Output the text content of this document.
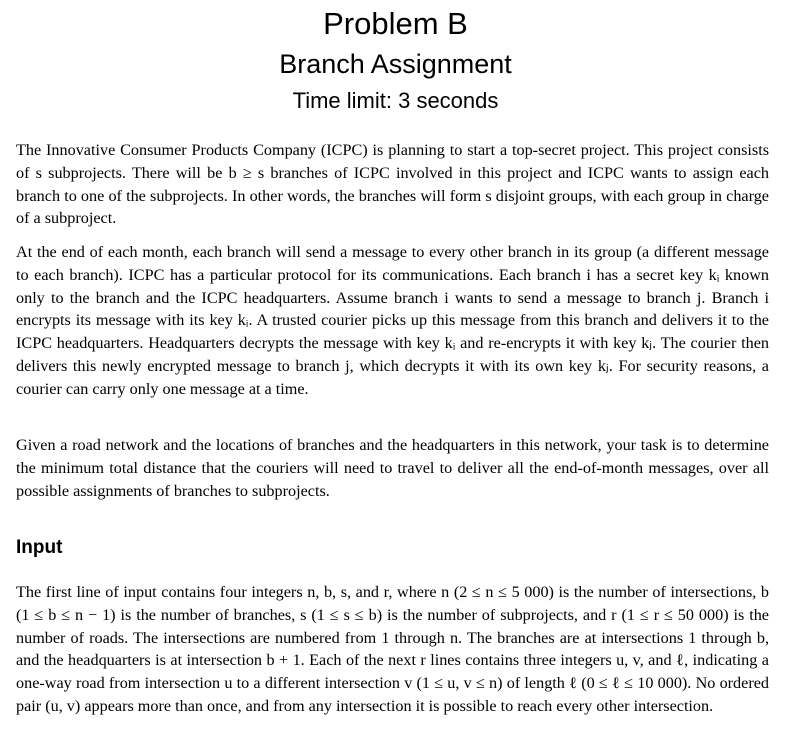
Problem B
Branch Assignment
Time limit: 3 seconds

The Innovative Consumer Products Company (ICPC) is planning to start a top-secret project. This project consists of s subprojects. There will be b ≥ s branches of ICPC involved in this project and ICPC wants to assign each branch to one of the subprojects. In other words, the branches will form s disjoint groups, with each group in charge of a subproject.

At the end of each month, each branch will send a message to every other branch in its group (a different message to each branch). ICPC has a particular protocol for its communications. Each branch i has a secret key kᵢ known only to the branch and the ICPC headquarters. Assume branch i wants to send a message to branch j. Branch i encrypts its message with its key kᵢ. A trusted courier picks up this message from this branch and delivers it to the ICPC headquarters. Headquarters decrypts the message with key kᵢ and re-encrypts it with key kⱼ. The courier then delivers this newly encrypted message to branch j, which decrypts it with its own key kⱼ. For security reasons, a courier can carry only one message at a time.

Given a road network and the locations of branches and the headquarters in this network, your task is to determine the minimum total distance that the couriers will need to travel to deliver all the end-of-month messages, over all possible assignments of branches to subprojects.

Input

The first line of input contains four integers n, b, s, and r, where n (2 ≤ n ≤ 5 000) is the number of intersections, b (1 ≤ b ≤ n − 1) is the number of branches, s (1 ≤ s ≤ b) is the number of subprojects, and r (1 ≤ r ≤ 50 000) is the number of roads. The intersections are numbered from 1 through n. The branches are at intersections 1 through b, and the headquarters is at intersection b + 1. Each of the next r lines contains three integers u, v, and ℓ, indicating a one-way road from intersection u to a different intersection v (1 ≤ u, v ≤ n) of length ℓ (0 ≤ ℓ ≤ 10 000). No ordered pair (u, v) appears more than once, and from any intersection it is possible to reach every other intersection.
